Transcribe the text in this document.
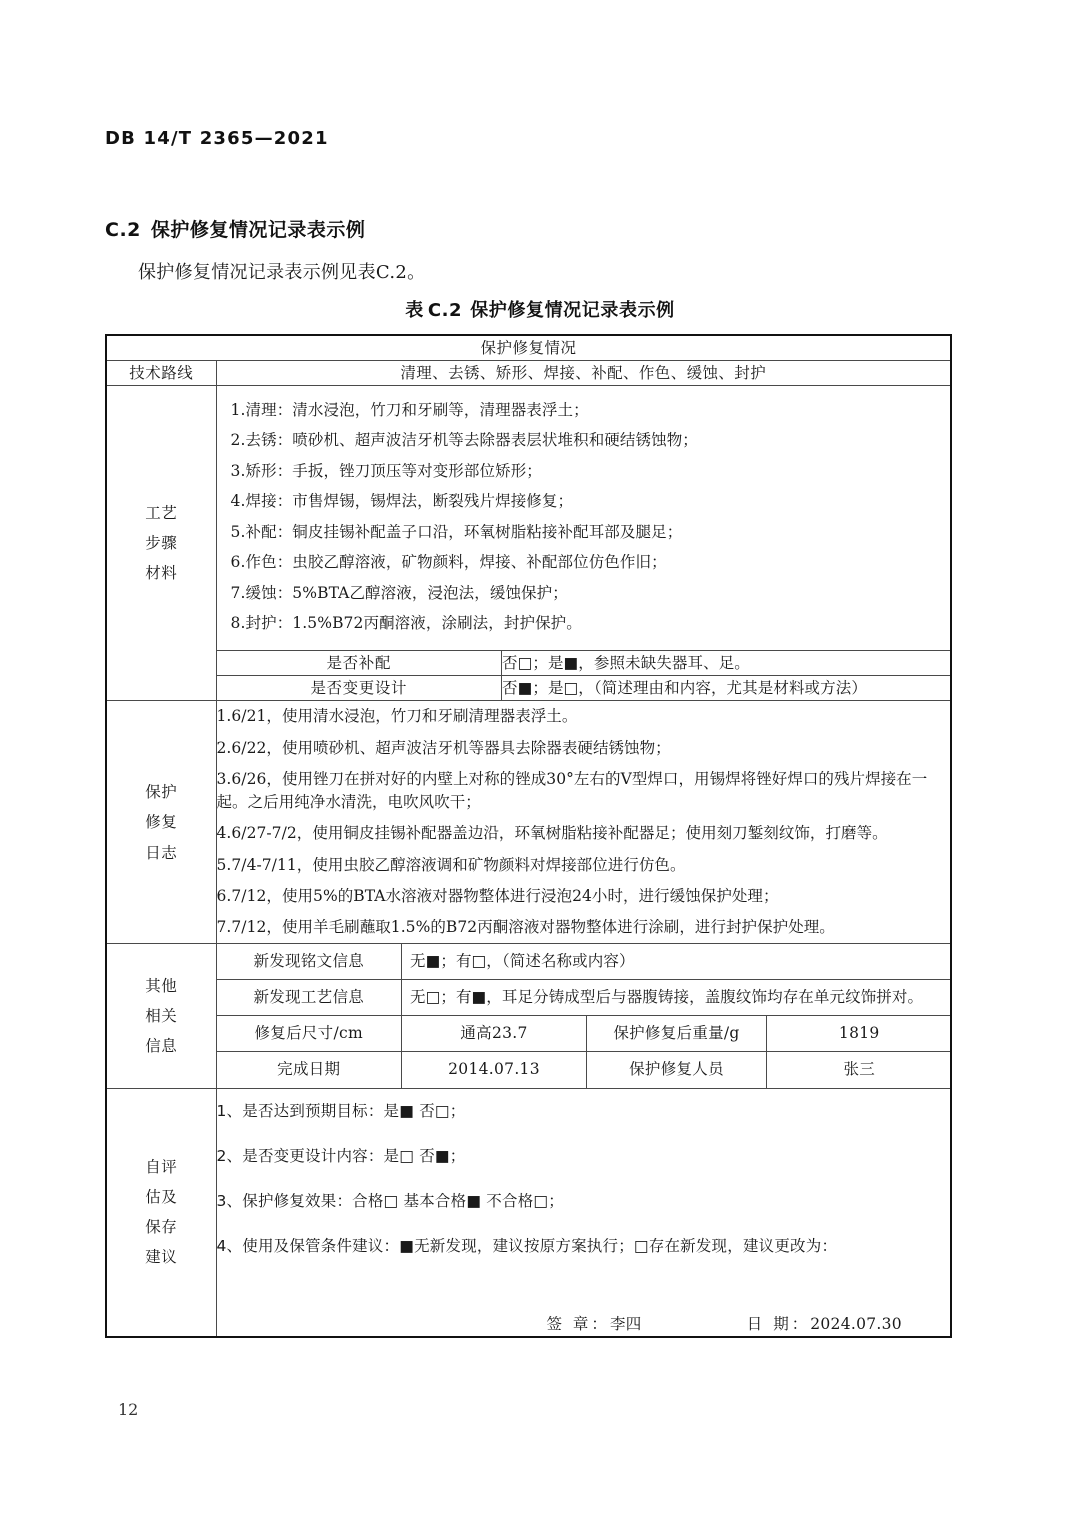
DB 14/T 2365—2021
C.2 保护修复情况记录表示例
保护修复情况记录表示例见表C.2。
表 C.2 保护修复情况记录表示例
保护修复情况
技术路线	清理、去锈、矫形、焊接、补配、作色、缓蚀、封护

工艺
步骤
材料

1.清理：清水浸泡，竹刀和牙刷等，清理器表浮土；
2.去锈：喷砂机、超声波洁牙机等去除器表层状堆积和硬结锈蚀物；
3.矫形：手扳，锉刀顶压等对变形部位矫形；
4.焊接：市售焊锡，锡焊法，断裂残片焊接修复；
5.补配：铜皮挂锡补配盖子口沿，环氧树脂粘接补配耳部及腿足；
6.作色：虫胶乙醇溶液，矿物颜料，焊接、补配部位仿色作旧；
7.缓蚀：5%BTA乙醇溶液，浸泡法，缓蚀保护；
8.封护：1.5%B72丙酮溶液，涂刷法，封护保护。
是否补配	否□；是■，参照未缺失器耳、足。
是否变更设计	否■；是□，（简述理由和内容，尤其是材料或方法）

保护
修复
日志

1.6/21，使用清水浸泡，竹刀和牙刷清理器表浮土。
2.6/22，使用喷砂机、超声波洁牙机等器具去除器表硬结锈蚀物；
3.6/26，使用锉刀在拼对好的内壁上对称的锉成30°左右的V型焊口，用锡焊将锉好焊口的残片焊接在一起。之后用纯净水清洗，电吹风吹干；
4.6/27-7/2，使用铜皮挂锡补配器盖边沿，环氧树脂粘接补配器足；使用刻刀錾刻纹饰，打磨等。
5.7/4-7/11，使用虫胶乙醇溶液调和矿物颜料对焊接部位进行仿色。
6.7/12，使用5%的BTA水溶液对器物整体进行浸泡24小时，进行缓蚀保护处理；
7.7/12，使用羊毛刷蘸取1.5%的B72丙酮溶液对器物整体进行涂刷，进行封护保护处理。

其他
相关
信息

新发现铭文信息	无■；有□，（简述名称或内容）
新发现工艺信息	无□；有■，耳足分铸成型后与器腹铸接，盖腹纹饰均存在单元纹饰拼对。
修复后尺寸/cm	通高23.7	保护修复后重量/g	1819
完成日期	2014.07.13	保护修复人员	张三

自评
估及
保存
建议

1、是否达到预期目标：是■ 否□；
2、是否变更设计内容：是□ 否■；
3、保护修复效果：合格□ 基本合格■ 不合格□；
4、使用及保管条件建议：■无新发现，建议按原方案执行；□存在新发现，建议更改为：
签 章：李四	日 期：2024.07.30
12
